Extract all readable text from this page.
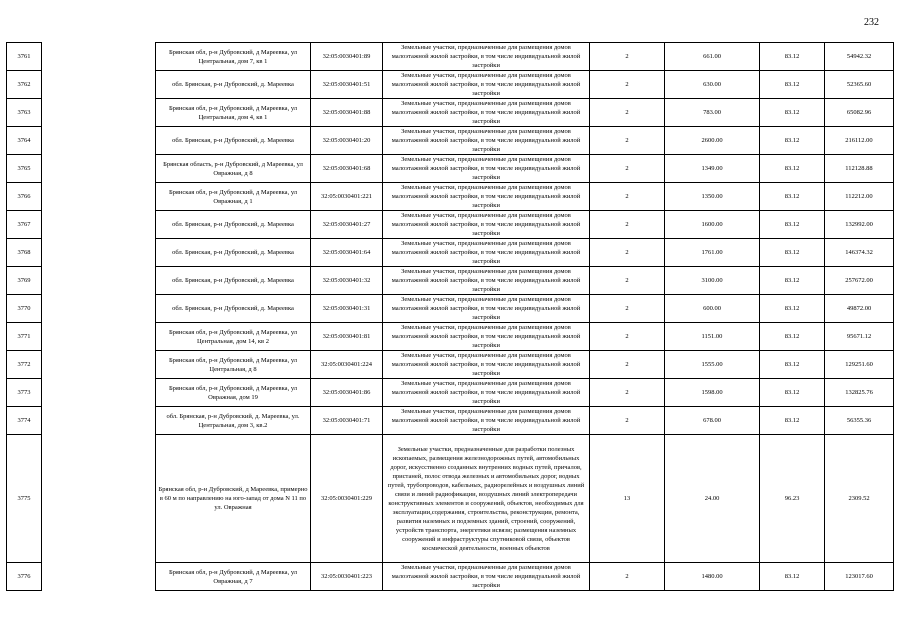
232
3761		Брянская обл, р-н Дубровский, д Мареевка, ул Центральная, дом 7, кв 1	32:05:0030401:89	Земельные участки, предназначенные для размещения домов малоэтажной жилой застройки, в том числе индивидуальной жилой застройки	2	661.00	83.12	54942.32
3762		обл. Брянская, р-н Дубровский, д. Мареевка	32:05:0030401:51	Земельные участки, предназначенные для размещения домов малоэтажной жилой застройки, в том числе индивидуальной жилой застройки	2	630.00	83.12	52365.60
3763		Брянская обл, р-н Дубровский, д Мареевка, ул Центральная, дом 4, кв 1	32:05:0030401:88	Земельные участки, предназначенные для размещения домов малоэтажной жилой застройки, в том числе индивидуальной жилой застройки	2	783.00	83.12	65082.96
3764		обл. Брянская, р-н Дубровский, д. Мареевка	32:05:0030401:20	Земельные участки, предназначенные для размещения домов малоэтажной жилой застройки, в том числе индивидуальной жилой застройки	2	2600.00	83.12	216112.00
3765		Брянская область, р-н Дубровский, д Мареевка, ул Овражная, д 8	32:05:0030401:68	Земельные участки, предназначенные для размещения домов малоэтажной жилой застройки, в том числе индивидуальной жилой застройки	2	1349.00	83.12	112128.88
3766		Брянская обл, р-н Дубровский, д Мареевка, ул Овражная, д 1	32:05:0030401:221	Земельные участки, предназначенные для размещения домов малоэтажной жилой застройки, в том числе индивидуальной жилой застройки	2	1350.00	83.12	112212.00
3767		обл. Брянская, р-н Дубровский, д. Мареевка	32:05:0030401:27	Земельные участки, предназначенные для размещения домов малоэтажной жилой застройки, в том числе индивидуальной жилой застройки	2	1600.00	83.12	132992.00
3768		обл. Брянская, р-н Дубровский, д. Мареевка	32:05:0030401:64	Земельные участки, предназначенные для размещения домов малоэтажной жилой застройки, в том числе индивидуальной жилой застройки	2	1761.00	83.12	146374.32
3769		обл. Брянская, р-н Дубровский, д. Мареевка	32:05:0030401:32	Земельные участки, предназначенные для размещения домов малоэтажной жилой застройки, в том числе индивидуальной жилой застройки	2	3100.00	83.12	257672.00
3770		обл. Брянская, р-н Дубровский, д. Мареевка	32:05:0030401:31	Земельные участки, предназначенные для размещения домов малоэтажной жилой застройки, в том числе индивидуальной жилой застройки	2	600.00	83.12	49872.00
3771		Брянская обл, р-н Дубровский, д Мареевка, ул Центральная, дом 14, кв 2	32:05:0030401:81	Земельные участки, предназначенные для размещения домов малоэтажной жилой застройки, в том числе индивидуальной жилой застройки	2	1151.00	83.12	95671.12
3772		Брянская обл, р-н Дубровский, д Мареевка, ул Центральная, д 8	32:05:0030401:224	Земельные участки, предназначенные для размещения домов малоэтажной жилой застройки, в том числе индивидуальной жилой застройки	2	1555.00	83.12	129251.60
3773		Брянская обл, р-н Дубровский, д Мареевка, ул Овражная, дом 19	32:05:0030401:86	Земельные участки, предназначенные для размещения домов малоэтажной жилой застройки, в том числе индивидуальной жилой застройки	2	1598.00	83.12	132825.76
3774		обл. Брянская, р-н Дубровский, д. Мареевка, ул. Центральная, дом 3, кв.2	32:05:0030401:71	Земельные участки, предназначенные для размещения домов малоэтажной жилой застройки, в том числе индивидуальной жилой застройки	2	678.00	83.12	56355.36
3775		Брянская обл, р-н Дубровский, д Мареевка, примерно в 60 м по направлению на юго-запад от дома N 11 по ул. Овражная	32:05:0030401:229	Земельные участки, предназначенные для разработки полезных ископаемых, размещения железнодорожных путей, автомобильных дорог, искусственно созданных внутренних водных путей, причалов, пристаней, полос отвода железных и автомобильных дорог, водных путей, трубопроводов, кабельных, радиорелейных и воздушных линий связи и линий радиофикации, воздушных линий электропередачи конструктивных элементов и сооружений, объектов, необходимых для эксплуатации,содержания, строительства, реконструкции, ремонта, развития наземных и подземных зданий, строений, сооружений, устройств транспорта, энергетики исвязи; размещения наземных сооружений и инфраструктуры спутниковой связи, объектов космической деятельности, военных объектов	13	24.00	96.23	2309.52
3776		Брянская обл, р-н Дубровский, д Мареевка, ул Овражная, д 7	32:05:0030401:223	Земельные участки, предназначенные для размещения домов малоэтажной жилой застройки, в том числе индивидуальной жилой застройки	2	1480.00	83.12	123017.60
